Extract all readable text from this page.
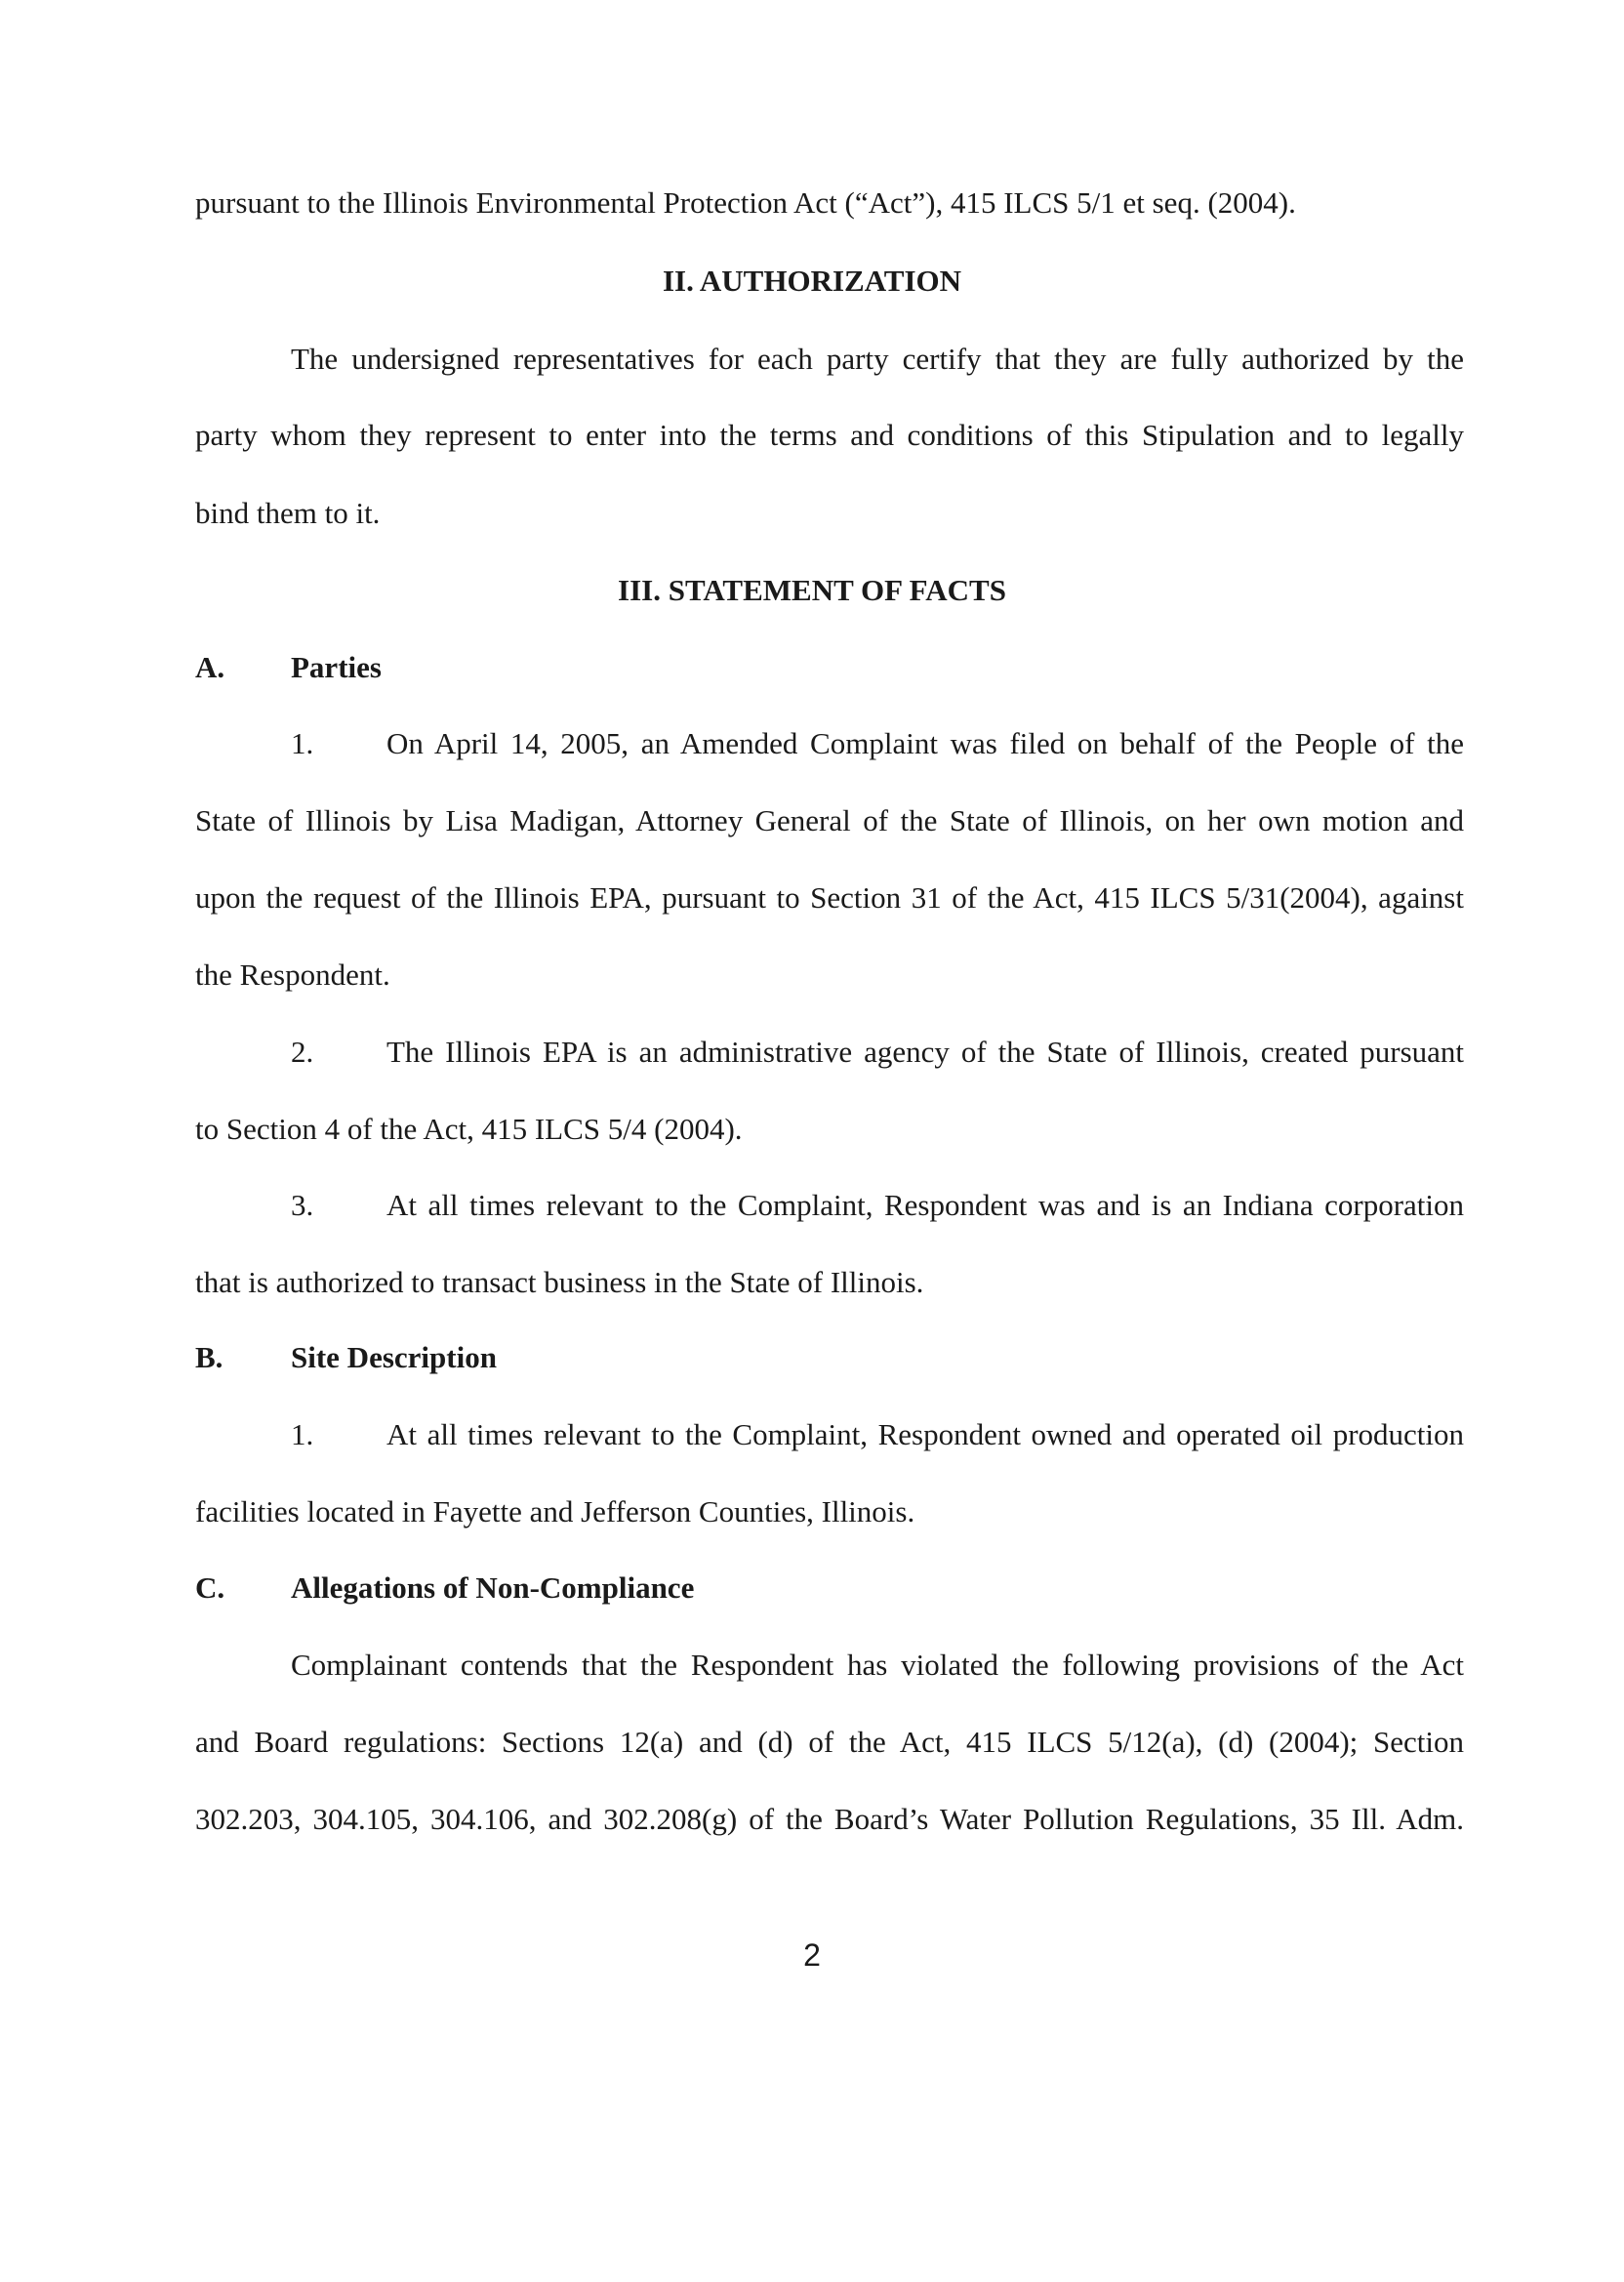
pursuant to the Illinois Environmental Protection Act (“Act”), 415 ILCS 5/1 et seq. (2004).
II. AUTHORIZATION
The undersigned representatives for each party certify that they are fully authorized by the
party whom they represent to enter into the terms and conditions of this Stipulation and to legally
bind them to it.
III. STATEMENT OF FACTS
A. Parties
1. On April 14, 2005, an Amended Complaint was filed on behalf of the People of the
State of Illinois by Lisa Madigan, Attorney General of the State of Illinois, on her own motion and
upon the request of the Illinois EPA, pursuant to Section 31 of the Act, 415 ILCS 5/31(2004), against
the Respondent.
2. The Illinois EPA is an administrative agency of the State of Illinois, created pursuant
to Section 4 of the Act, 415 ILCS 5/4 (2004).
3. At all times relevant to the Complaint, Respondent was and is an Indiana corporation
that is authorized to transact business in the State of Illinois.
B. Site Description
1. At all times relevant to the Complaint, Respondent owned and operated oil production
facilities located in Fayette and Jefferson Counties, Illinois.
C. Allegations of Non-Compliance
Complainant contends that the Respondent has violated the following provisions of the Act
and Board regulations: Sections 12(a) and (d) of the Act, 415 ILCS 5/12(a), (d) (2004); Section
302.203, 304.105, 304.106, and 302.208(g) of the Board’s Water Pollution Regulations, 35 Ill. Adm.
2
